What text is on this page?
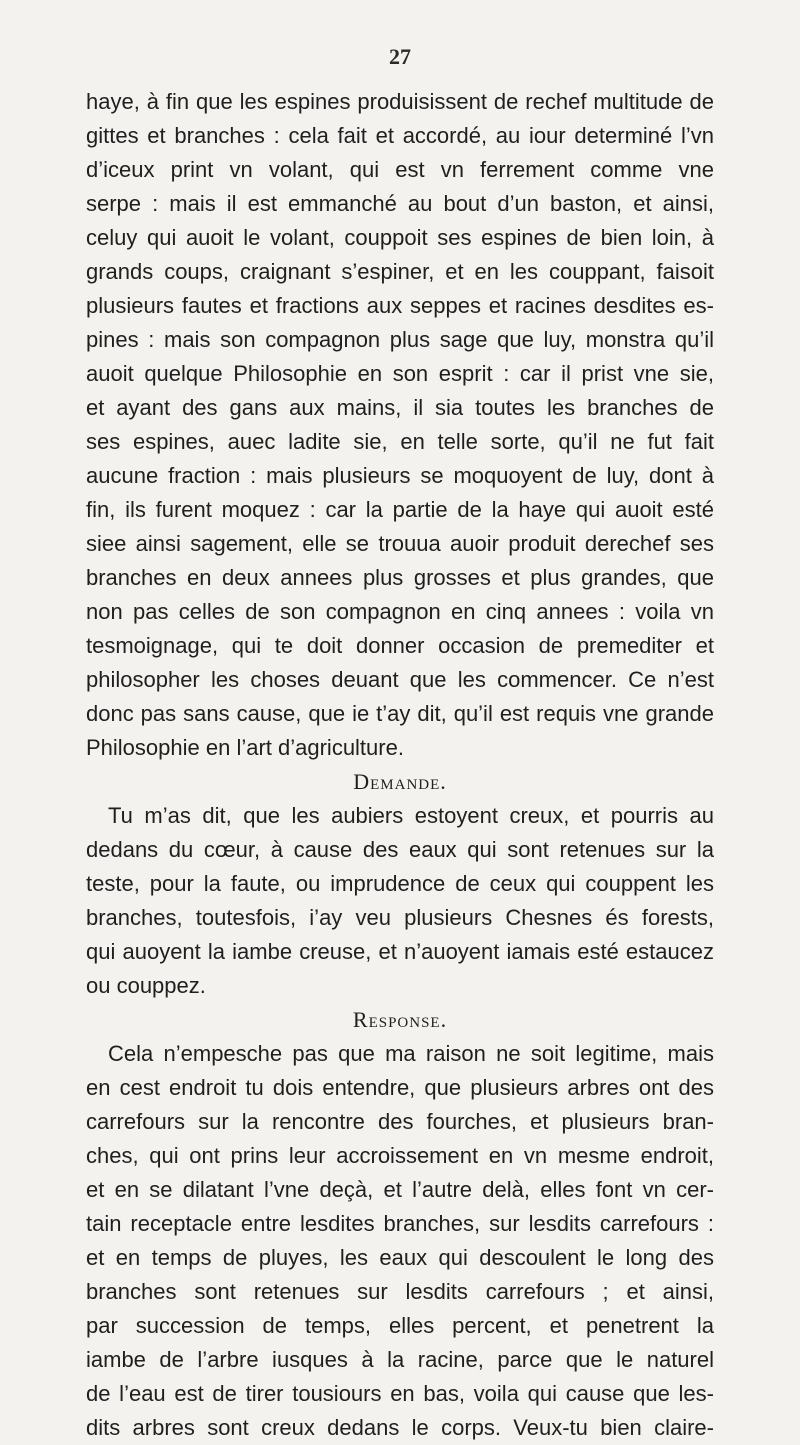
27
haye, à fin que les espines produisissent de rechef multitude de
gittes et branches : cela fait et accordé, au iour determiné l’vn
d’iceux print vn volant, qui est vn ferrement comme vne
serpe : mais il est emmanché au bout d’un baston, et ainsi,
celuy qui auoit le volant, couppoit ses espines de bien loin, à
grands coups, craignant s’espiner, et en les couppant, faisoit
plusieurs fautes et fractions aux seppes et racines desdites es-
pines : mais son compagnon plus sage que luy, monstra qu’il
auoit quelque Philosophie en son esprit : car il prist vne sie,
et ayant des gans aux mains, il sia toutes les branches de
ses espines, auec ladite sie, en telle sorte, qu’il ne fut fait
aucune fraction : mais plusieurs se moquoyent de luy, dont à
fin, ils furent moquez : car la partie de la haye qui auoit esté
siee ainsi sagement, elle se trouua auoir produit derechef ses
branches en deux annees plus grosses et plus grandes, que
non pas celles de son compagnon en cinq annees : voila vn
tesmoignage, qui te doit donner occasion de premediter et
philosopher les choses deuant que les commencer. Ce n’est
donc pas sans cause, que ie t’ay dit, qu’il est requis vne grande
Philosophie en l’art d’agriculture.
Demande.
Tu m’as dit, que les aubiers estoyent creux, et pourris au
dedans du cœur, à cause des eaux qui sont retenues sur la
teste, pour la faute, ou imprudence de ceux qui couppent les
branches, toutesfois, i’ay veu plusieurs Chesnes és forests,
qui auoyent la iambe creuse, et n’auoyent iamais esté estaucez
ou couppez.
Response.
Cela n’empesche pas que ma raison ne soit legitime, mais
en cest endroit tu dois entendre, que plusieurs arbres ont des
carrefours sur la rencontre des fourches, et plusieurs bran-
ches, qui ont prins leur accroissement en vn mesme endroit,
et en se dilatant l’vne deçà, et l’autre delà, elles font vn cer-
tain receptacle entre lesdites branches, sur lesdits carrefours :
et en temps de pluyes, les eaux qui descoulent le long des
branches sont retenues sur lesdits carrefours ; et ainsi,
par succession de temps, elles percent, et penetrent la
iambe de l’arbre iusques à la racine, parce que le naturel
de l’eau est de tirer tousiours en bas, voila qui cause que les-
dits arbres sont creux dedans le corps. Veux-tu bien claire-
